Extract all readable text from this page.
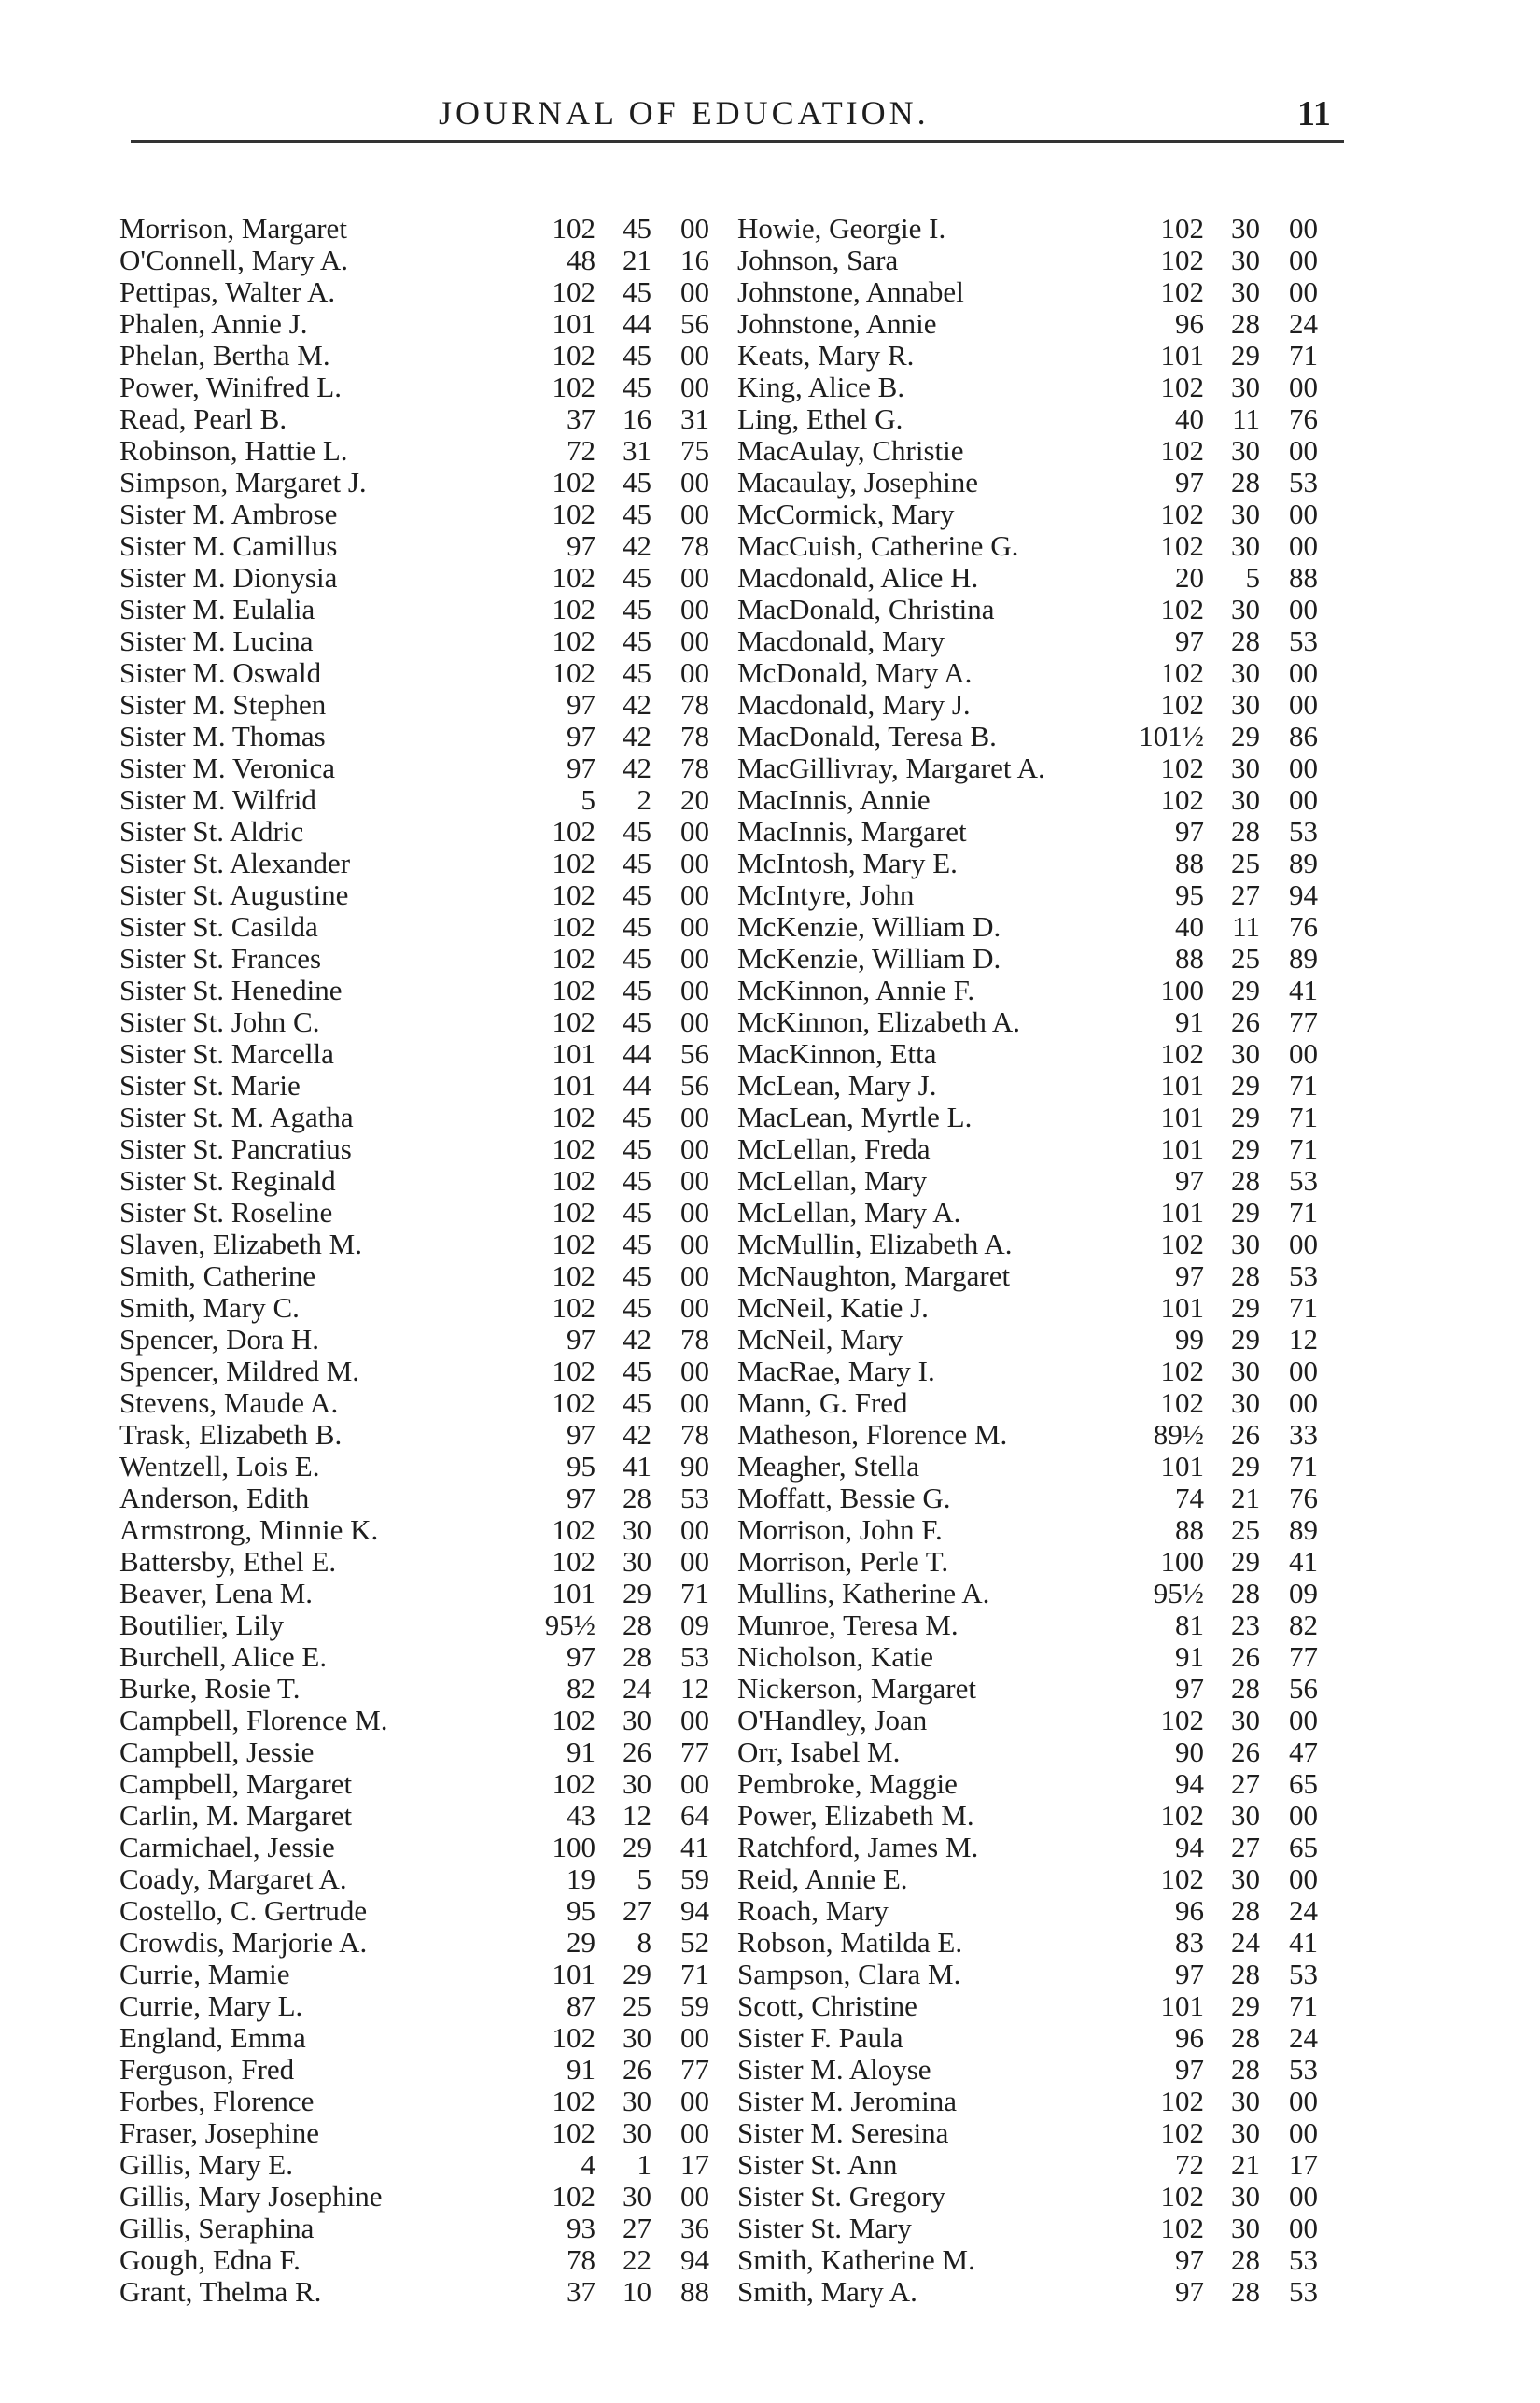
JOURNAL OF EDUCATION.	11
Morrison, Margaret	102 45	00
O'Connell, Mary A.	48 21	16
Pettipas, Walter A.	102 45	00
Phalen, Annie J.	101 44	56
Phelan, Bertha M.	102 45	00
Power, Winifred L.	102 45	00
Read, Pearl B.	37 16	31
Robinson, Hattie L.	72 31	75
Simpson, Margaret J.	102 45	00
Sister M. Ambrose	102 45	00
Sister M. Camillus	97 42	78
Sister M. Dionysia	102 45	00
Sister M. Eulalia	102 45	00
Sister M. Lucina	102 45	00
Sister M. Oswald	102 45	00
Sister M. Stephen	97 42	78
Sister M. Thomas	97 42	78
Sister M. Veronica	97 42	78
Sister M. Wilfrid	5	2	20
Sister St. Aldric	102 45	00
Sister St. Alexander	102 45	00
Sister St. Augustine	102 45	00
Sister St. Casilda	102 45	00
Sister St. Frances	102 45	00
Sister St. Henedine	102 45	00
Sister St. John C.	102 45	00
Sister St. Marcella	101 44	56
Sister St. Marie	101 44	56
Sister St. M. Agatha	102 45	00
Sister St. Pancratius	102 45	00
Sister St. Reginald	102 45	00
Sister St. Roseline	102 45	00
Slaven, Elizabeth M.	102 45	00
Smith, Catherine	102 45	00
Smith, Mary C.	102 45	00
Spencer, Dora H.	97 42	78
Spencer, Mildred M.	102 45	00
Stevens, Maude A.	102 45	00
Trask, Elizabeth B.	97 42	78
Wentzell, Lois E.	95 41	90
Anderson, Edith	97 28	53
Armstrong, Minnie K.	102 30	00
Battersby, Ethel E.	102 30	00
Beaver, Lena M.	101 29	71
Boutilier, Lily	95½ 28	09
Burchell, Alice E.	97 28	53
Burke, Rosie T.	82 24	12
Campbell, Florence M.	102 30	00
Campbell, Jessie	91 26	77
Campbell, Margaret	102 30	00
Carlin, M. Margaret	43 12	64
Carmichael, Jessie	100 29	41
Coady, Margaret A.	19	5	59
Costello, C. Gertrude	95 27	94
Crowdis, Marjorie A.	29	8	52
Currie, Mamie	101 29	71
Currie, Mary L.	87 25	59
England, Emma	102 30	00
Ferguson, Fred	91 26	77
Forbes, Florence	102 30	00
Fraser, Josephine	102 30	00
Gillis, Mary E.	4	1	17
Gillis, Mary Josephine	102 30	00
Gillis, Seraphina	93 27	36
Gough, Edna F.	78 22	94
Grant, Thelma R.	37 10	88
Howie, Georgie I.	102 30	00
Johnson, Sara	102 30	00
Johnstone, Annabel	102 30	00
Johnstone, Annie	96 28	24
Keats, Mary R.	101 29	71
King, Alice B.	102 30	00
Ling, Ethel G.	40 11	76
MacAulay, Christie	102 30	00
Macaulay, Josephine	97 28	53
McCormick, Mary	102 30	00
MacCuish, Catherine G.	102 30	00
Macdonald, Alice H.	20	5	88
MacDonald, Christina	102 30	00
Macdonald, Mary	97 28	53
McDonald, Mary A.	102 30	00
Macdonald, Mary J.	102 30	00
MacDonald, Teresa B.	101½ 29	86
MacGillivray, Margaret A.	102 30	00
MacInnis, Annie	102 30	00
MacInnis, Margaret	97 28	53
McIntosh, Mary E.	88 25	89
McIntyre, John	95 27	94
McKenzie, William D.	40 11	76
McKenzie, William D.	88 25	89
McKinnon, Annie F.	100 29	41
McKinnon, Elizabeth A.	91 26	77
MacKinnon, Etta	102 30	00
McLean, Mary J.	101 29	71
MacLean, Myrtle L.	101 29	71
McLellan, Freda	101 29	71
McLellan, Mary	97 28	53
McLellan, Mary A.	101 29	71
McMullin, Elizabeth A.	102 30	00
McNaughton, Margaret	97 28	53
McNeil, Katie J.	101 29	71
McNeil, Mary	99 29	12
MacRae, Mary I.	102 30	00
Mann, G. Fred	102 30	00
Matheson, Florence M.	89½ 26	33
Meagher, Stella	101 29	71
Moffatt, Bessie G.	74 21	76
Morrison, John F.	88 25	89
Morrison, Perle T.	100 29	41
Mullins, Katherine A.	95½ 28	09
Munroe, Teresa M.	81 23	82
Nicholson, Katie	91 26	77
Nickerson, Margaret	97 28	56
O'Handley, Joan	102 30	00
Orr, Isabel M.	90 26	47
Pembroke, Maggie	94 27	65
Power, Elizabeth M.	102 30	00
Ratchford, James M.	94 27	65
Reid, Annie E.	102 30	00
Roach, Mary	96 28	24
Robson, Matilda E.	83 24	41
Sampson, Clara M.	97 28	53
Scott, Christine	101 29	71
Sister F. Paula	96 28	24
Sister M. Aloyse	97 28	53
Sister M. Jeromina	102 30	00
Sister M. Seresina	102 30	00
Sister St. Ann	72 21	17
Sister St. Gregory	102 30	00
Sister St. Mary	102 30	00
Smith, Katherine M.	97 28	53
Smith, Mary A.	97 28	53
